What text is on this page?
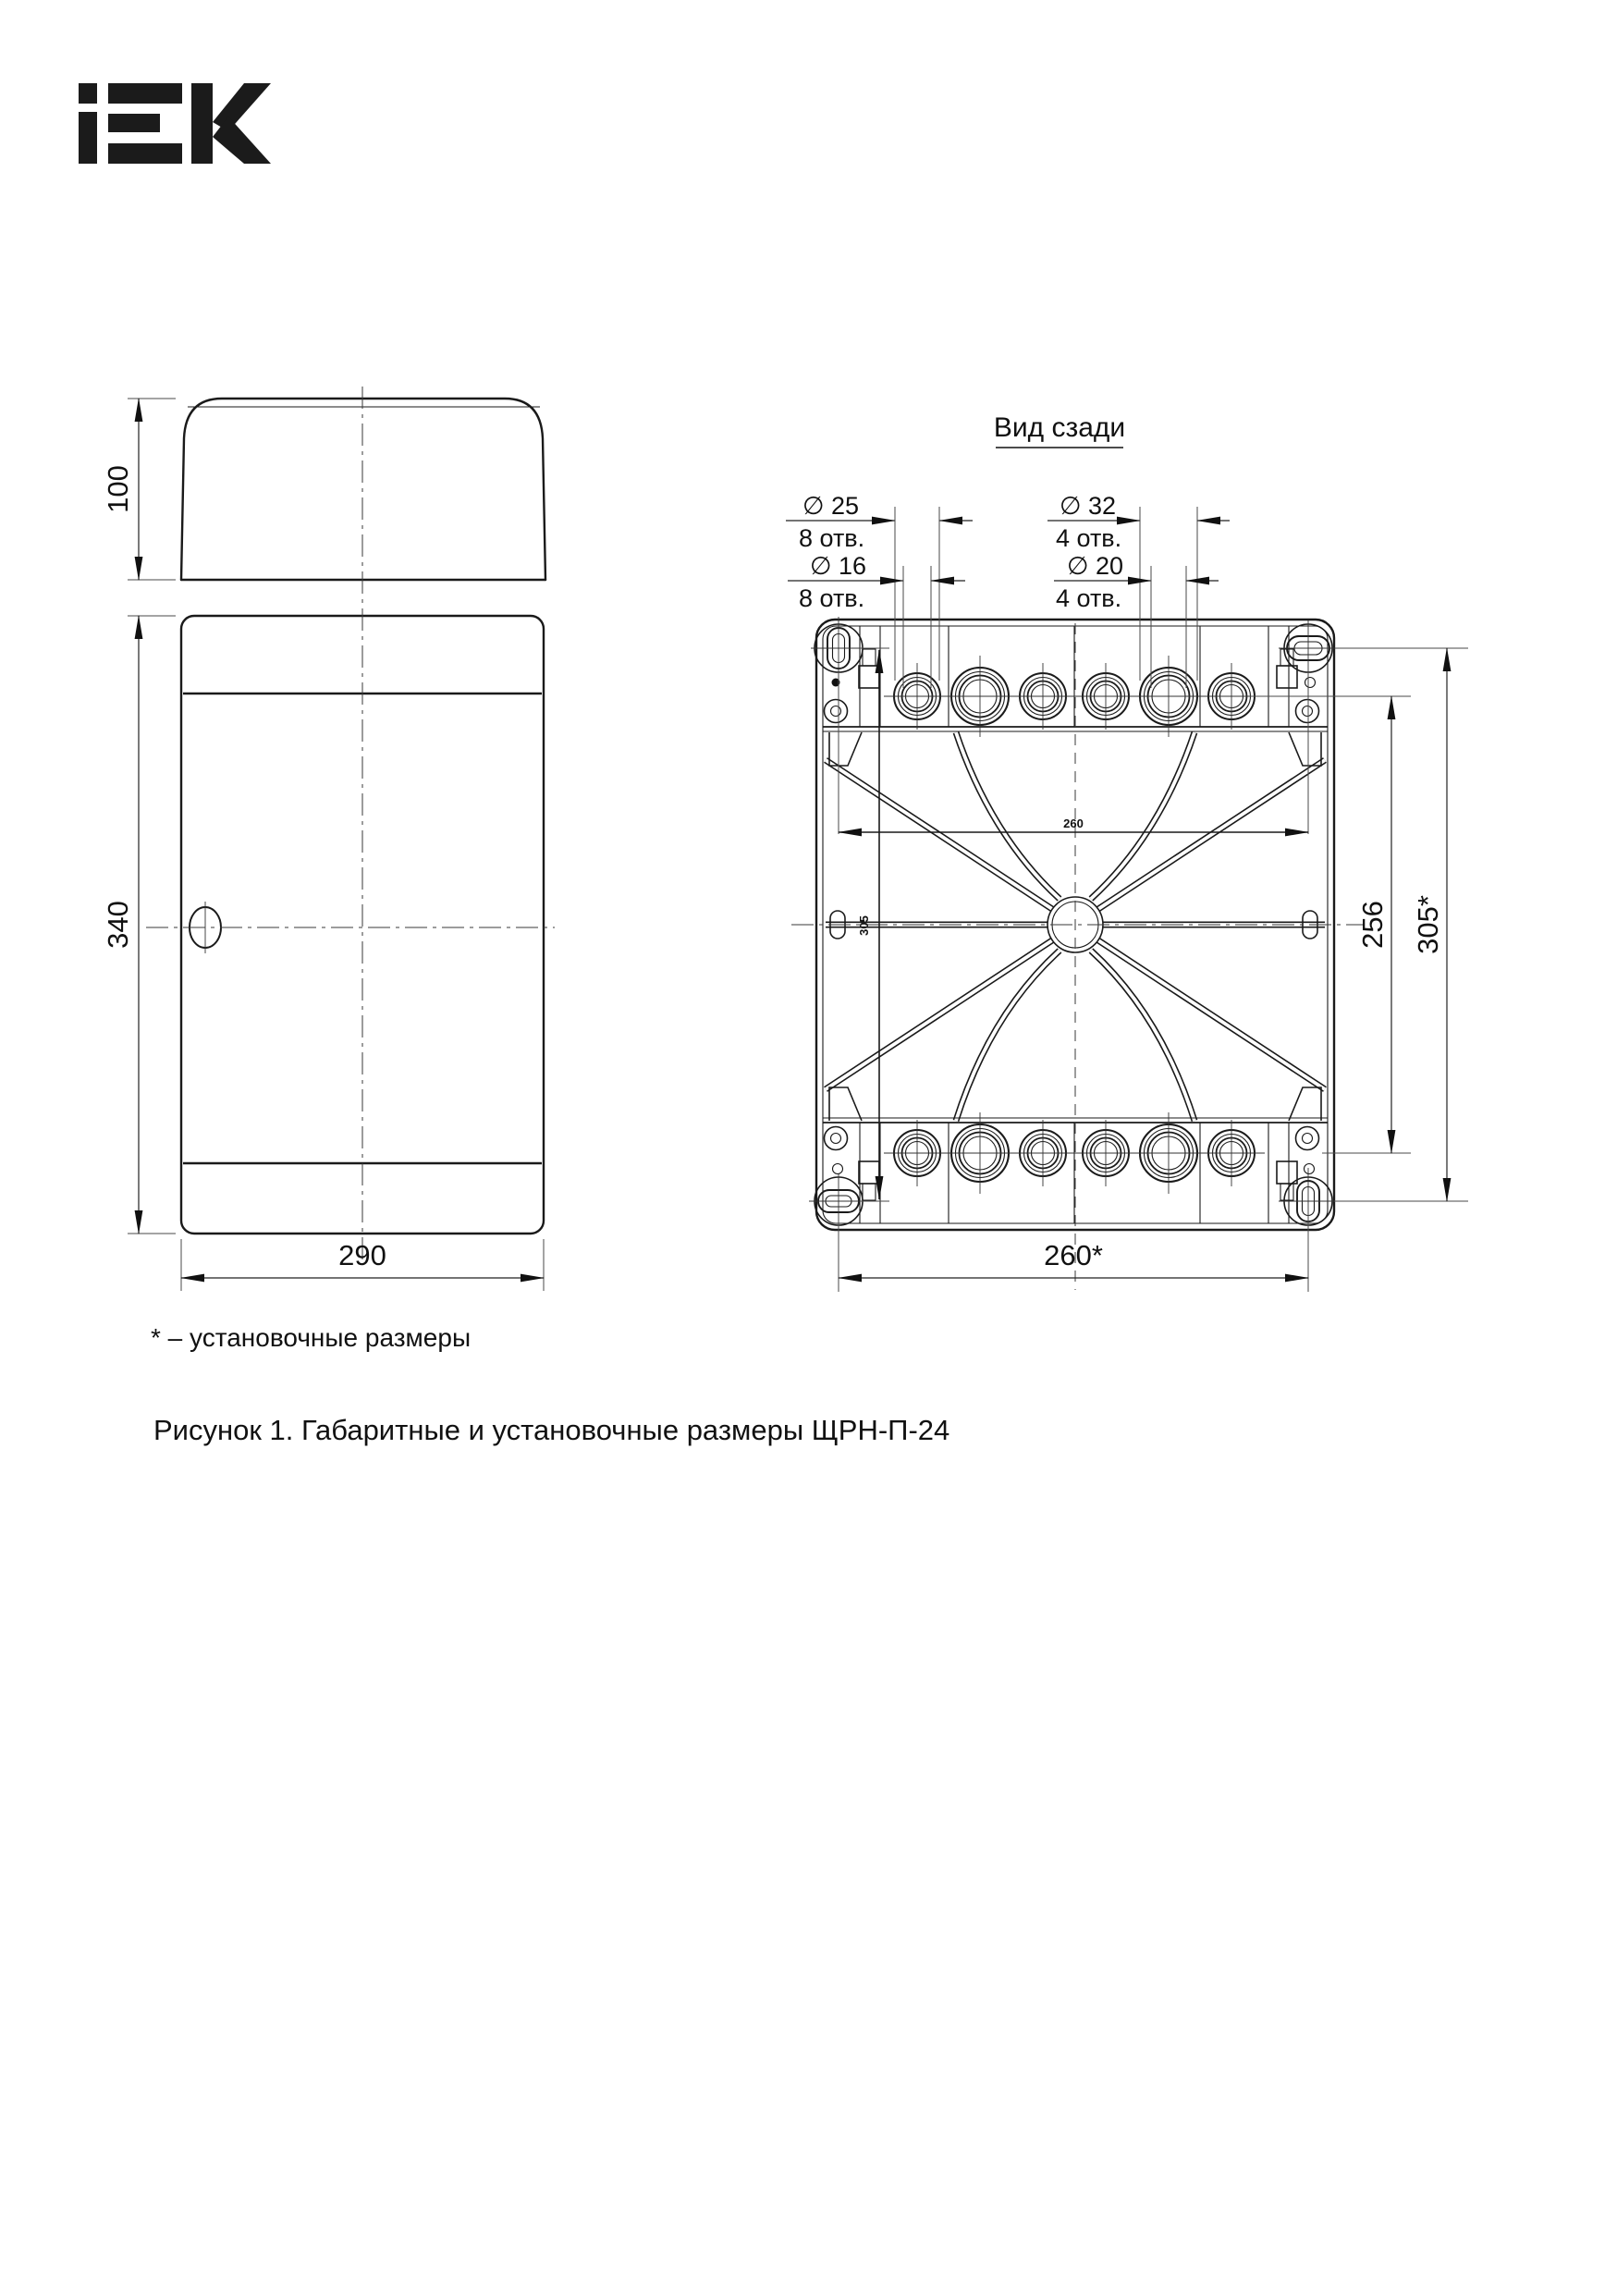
100
340
290
Вид сзади
260
305
∅ 25
8 отв.
∅ 16
8 отв.
∅ 32
4 отв.
∅ 20
4 отв.
256 305*
260*
* – установочные размеры
Рисунок 1. Габаритные и установочные размеры ЩРН-П-24
